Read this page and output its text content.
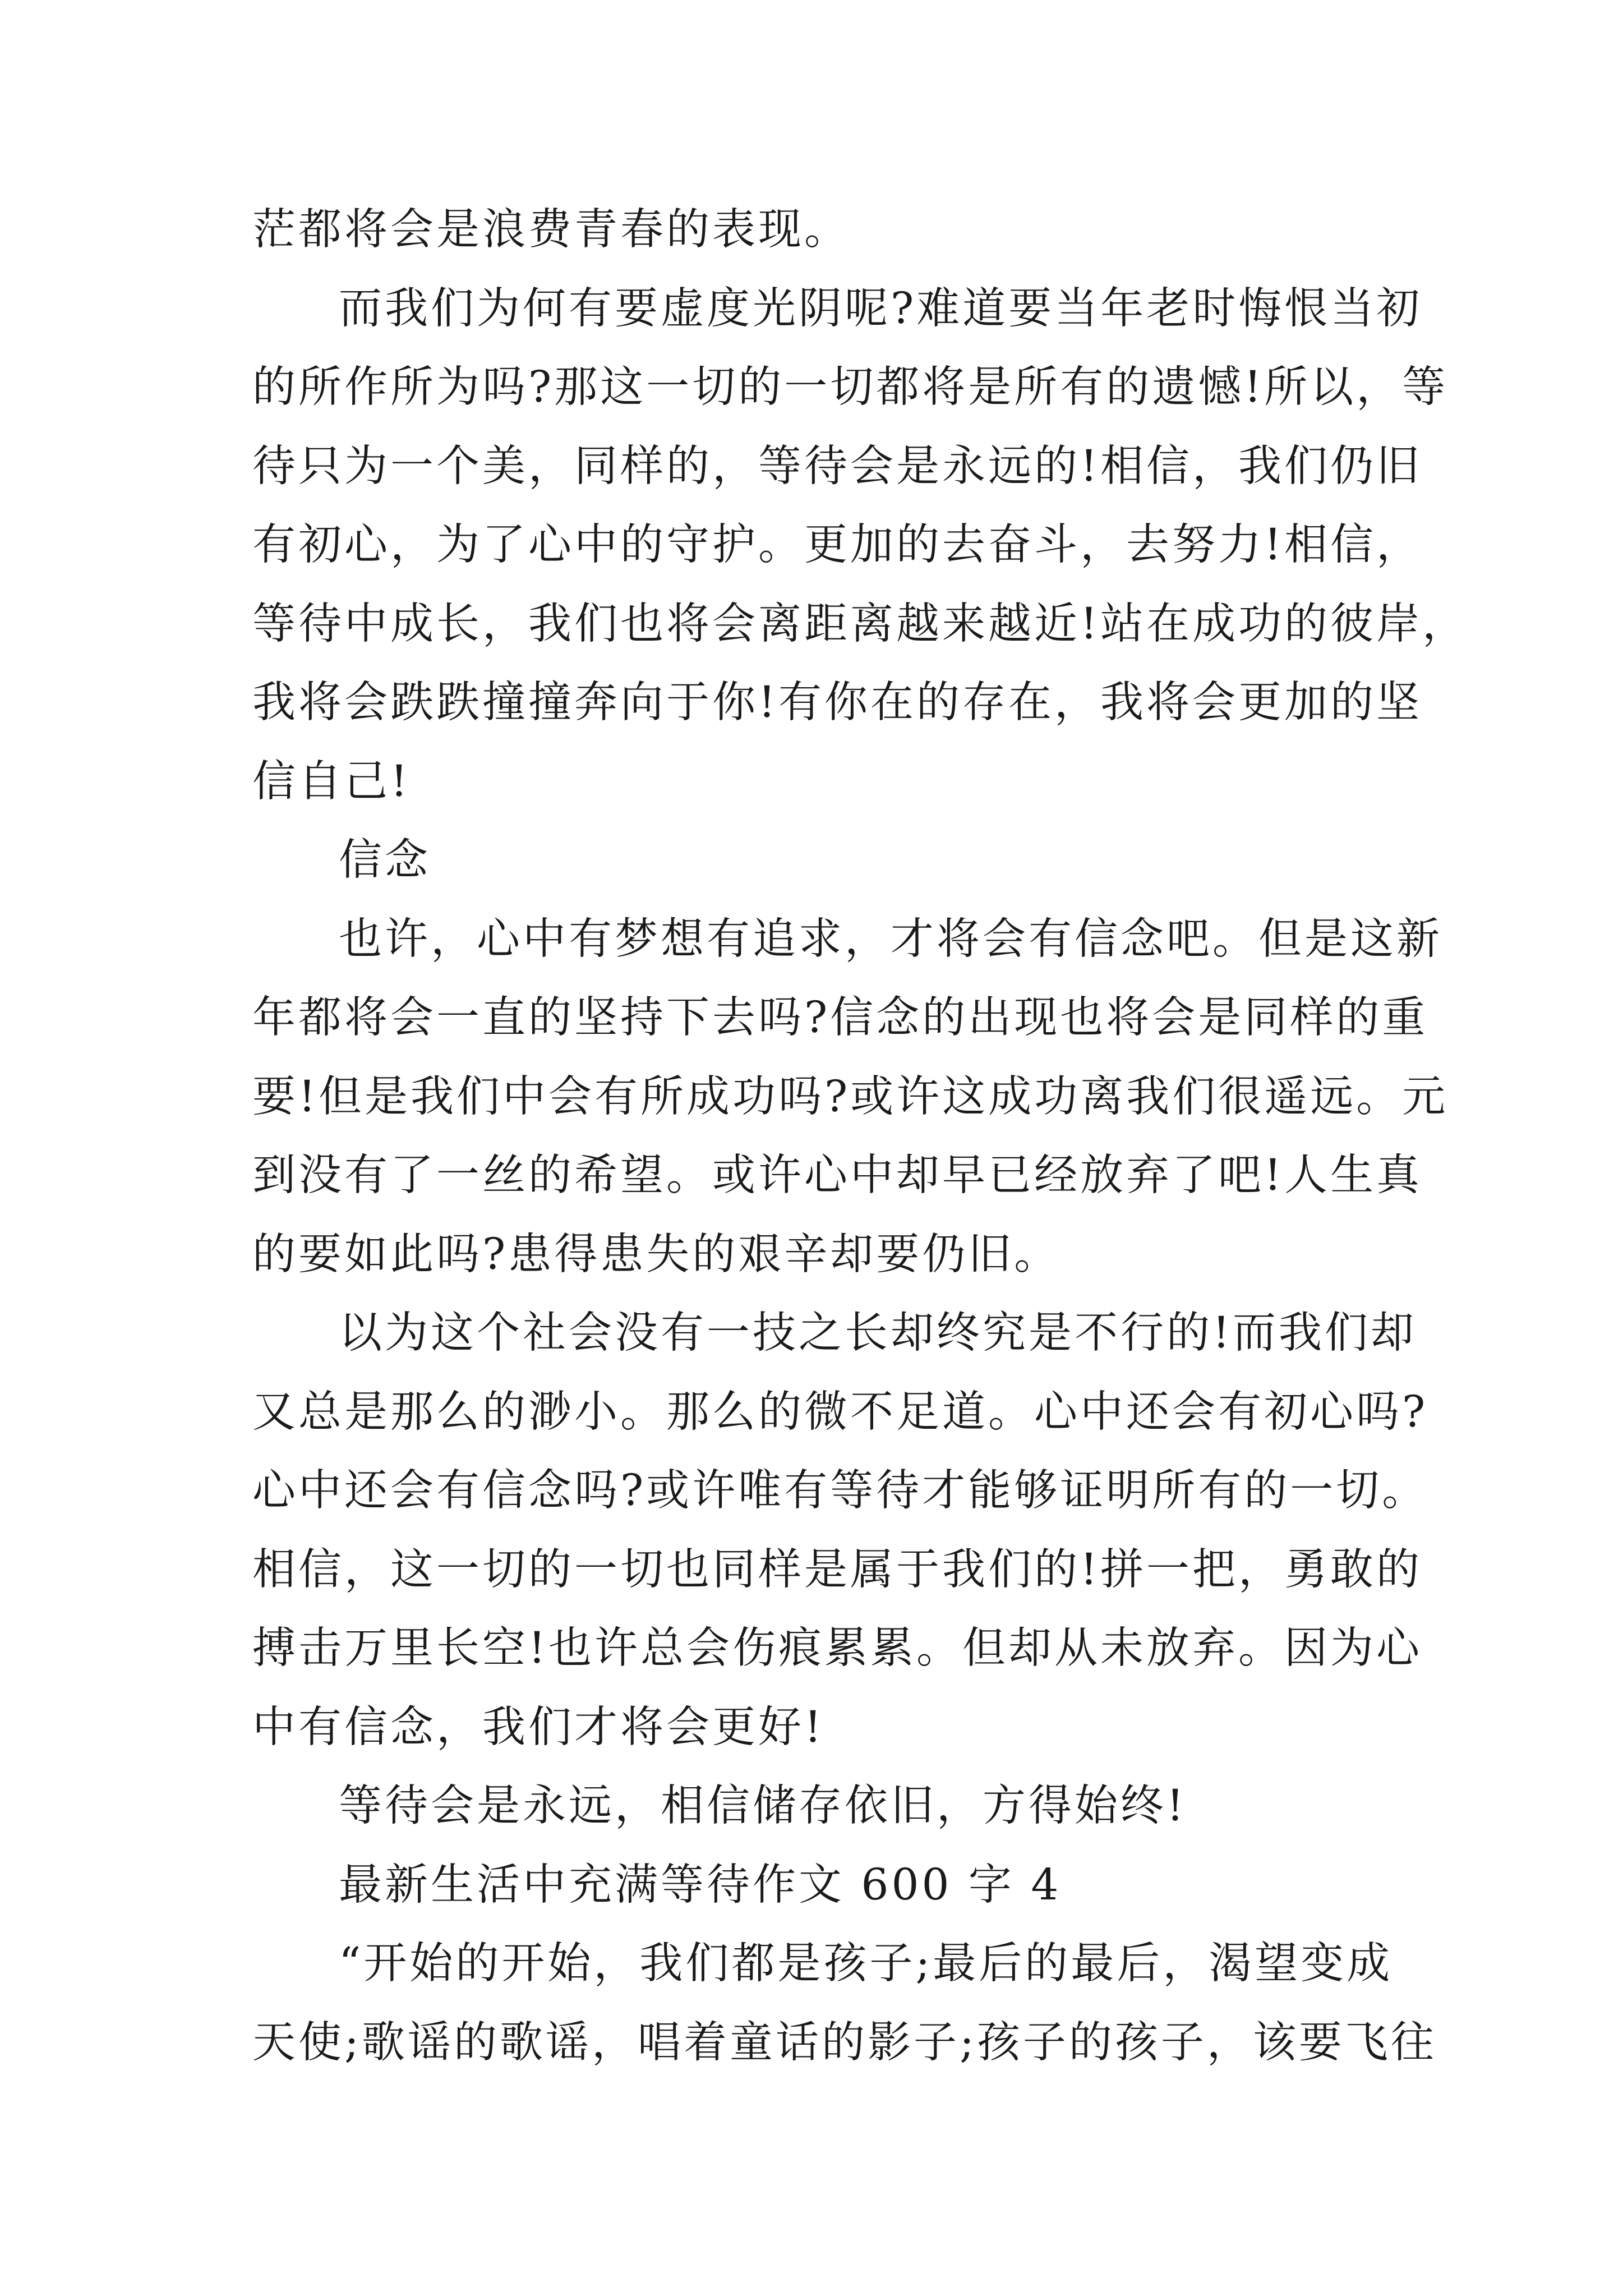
茫都将会是浪费青春的表现。
而我们为何有要虚度光阴呢?难道要当年老时悔恨当初
的所作所为吗?那这一切的一切都将是所有的遗憾!所以，等
待只为一个美，同样的，等待会是永远的!相信，我们仍旧
有初心，为了心中的守护。更加的去奋斗，去努力!相信，
等待中成长，我们也将会离距离越来越近!站在成功的彼岸，
我将会跌跌撞撞奔向于你!有你在的存在，我将会更加的坚
信自己!
信念
也许，心中有梦想有追求，才将会有信念吧。但是这新
年都将会一直的坚持下去吗?信念的出现也将会是同样的重
要!但是我们中会有所成功吗?或许这成功离我们很遥远。元
到没有了一丝的希望。或许心中却早已经放弃了吧!人生真
的要如此吗?患得患失的艰辛却要仍旧。
以为这个社会没有一技之长却终究是不行的!而我们却
又总是那么的渺小。那么的微不足道。心中还会有初心吗?
心中还会有信念吗?或许唯有等待才能够证明所有的一切。
相信，这一切的一切也同样是属于我们的!拼一把，勇敢的
搏击万里长空!也许总会伤痕累累。但却从未放弃。因为心
中有信念，我们才将会更好!
等待会是永远，相信储存依旧，方得始终!
最新生活中充满等待作文 600 字 4
“开始的开始，我们都是孩子;最后的最后，渴望变成
天使;歌谣的歌谣，唱着童话的影子;孩子的孩子，该要飞往
